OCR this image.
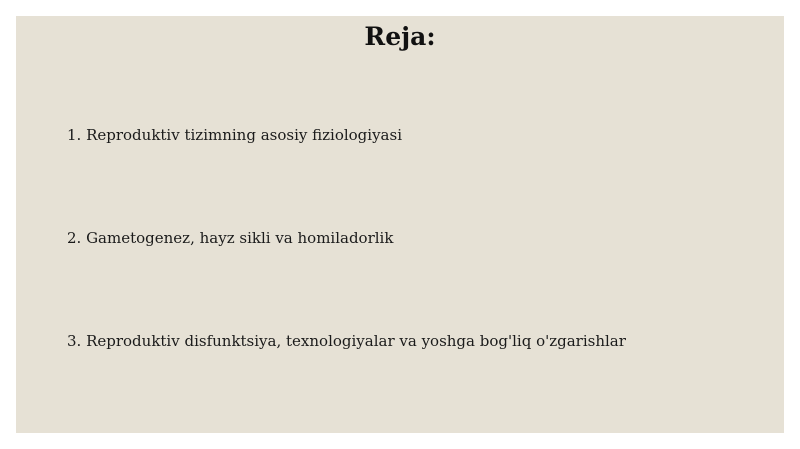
Reja:
1. Reproduktiv tizimning asosiy fiziologiyasi
2. Gametogenez, hayz sikli va homiladorlik
3. Reproduktiv disfunktsiya, texnologiyalar va yoshga bog'liq o'zgarishlar
